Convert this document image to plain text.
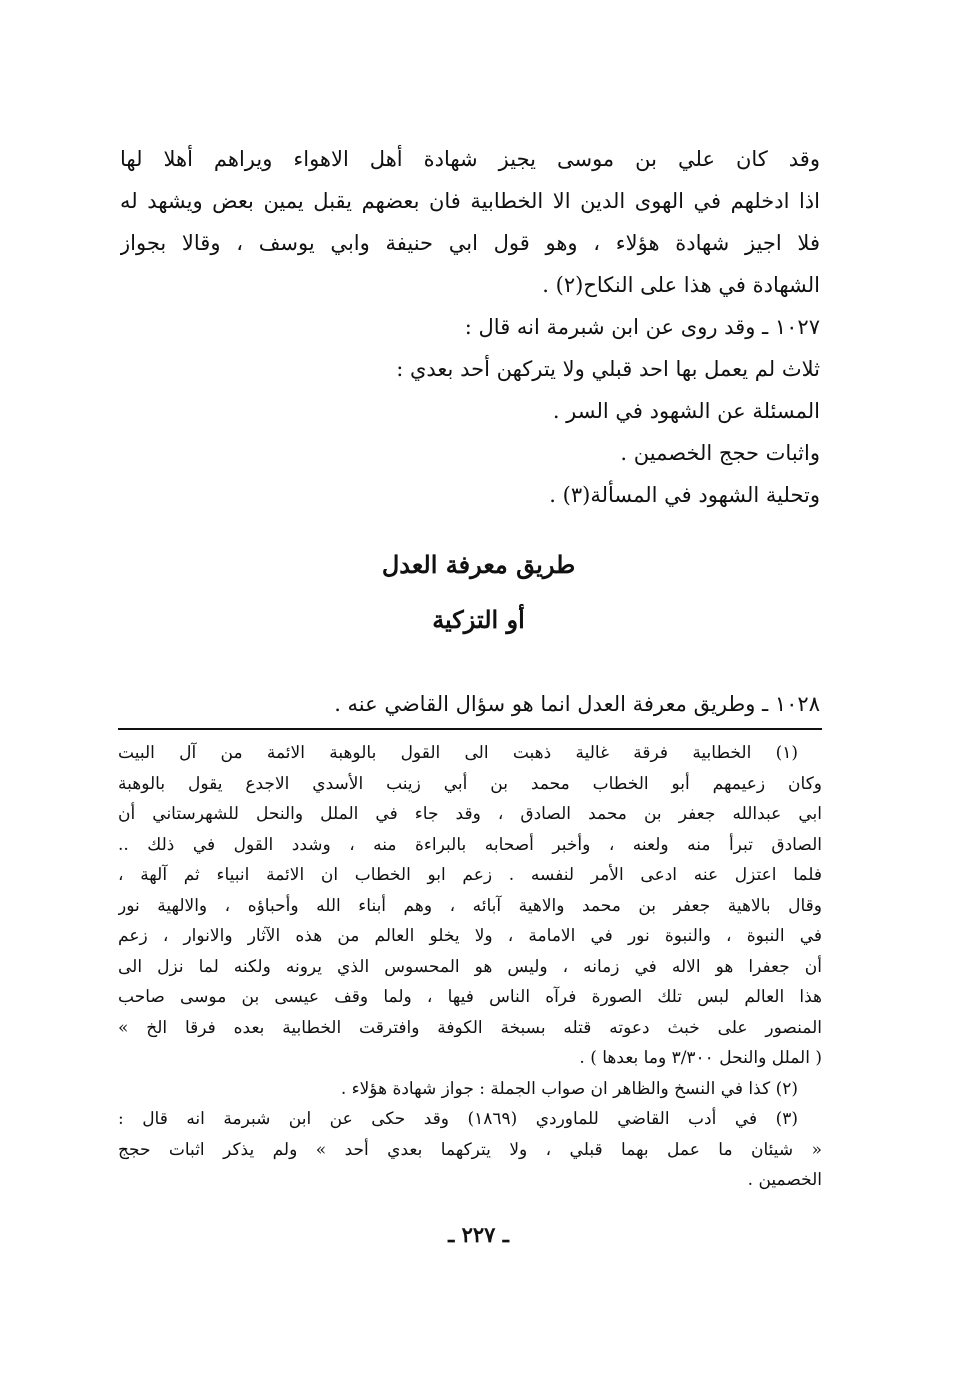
وقد كان علي بن موسى يجيز شهادة أهل الاهواء ويراهم أهلا لها
اذا ادخلهم في الهوى الدين الا الخطابية فان بعضهم يقبل يمين بعض ويشهد له
فلا اجيز شهادة هؤلاء ، وهو قول ابي حنيفة وابي يوسف ، وقالا بجواز
الشهادة في هذا على النكاح(٢) .
١٠٢٧ ـ وقد روى عن ابن شبرمة انه قال :
ثلاث لم يعمل بها احد قبلي ولا يتركهن أحد بعدي :
المسئلة عن الشهود في السر .
واثبات حجج الخصمين .
وتحلية الشهود في المسألة(٣) .
طريق معرفة العدل
أو التزكية
١٠٢٨ ـ وطريق معرفة العدل انما هو سؤال القاضي عنه .
(١) الخطابية فرقة غالية ذهبت الى القول بالوهبة الائمة من آل البيت
وكان زعيمهم أبو الخطاب محمد بن أبي زينب الأسدي الاجدع يقول بالوهبة
ابي عبدالله جعفر بن محمد الصادق ، وقد جاء في الملل والنحل للشهرستاني أن
الصادق تبرأ منه ولعنه ، وأخبر أصحابه بالبراءة منه ، وشدد القول في ذلك ..
فلما اعتزل عنه ادعى الأمر لنفسه . زعم ابو الخطاب ان الائمة انبياء ثم آلهة ،
وقال بالاهية جعفر بن محمد والاهية آبائه ، وهم أبناء الله وأحباؤه ، والالهية نور
في النبوة ، والنبوة نور في الامامة ، ولا يخلو العالم من هذه الآثار والانوار ، زعم
أن جعفرا هو الاله في زمانه ، وليس هو المحسوس الذي يرونه ولكنه لما نزل الى
هذا العالم لبس تلك الصورة فرآه الناس فيها ، ولما وقف عيسى بن موسى صاحب
المنصور على خبث دعوته قتله بسبخة الكوفة وافترقت الخطابية بعده فرقا الخ »
( الملل والنحل ٣/٣٠٠ وما بعدها ) .
(٢) كذا في النسخ والظاهر ان صواب الجملة : جواز شهادة هؤلاء .
(٣) في أدب القاضي للماوردي (١٨٦٩) وقد حكى عن ابن شبرمة انه قال :
« شيئان ما عمل بهما قبلي ، ولا يتركهما بعدي أحد » ولم يذكر اثبات حجج
الخصمين .
ـ ٢٢٧ ـ
